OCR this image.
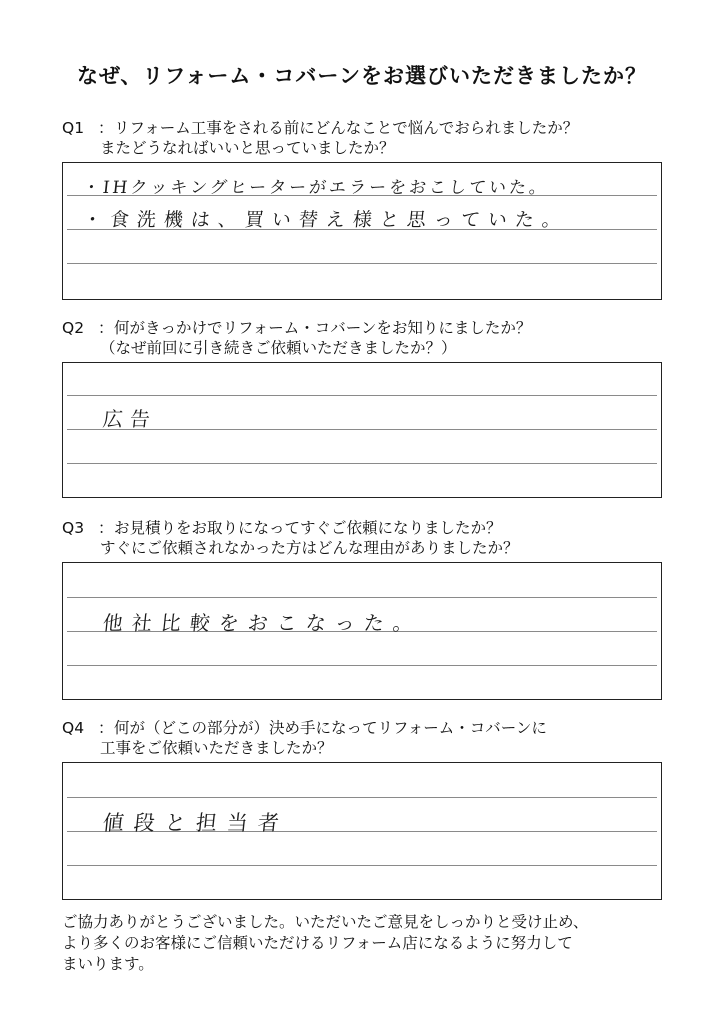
なぜ、リフォーム・コバーンをお選びいただきましたか？
Q1 ：リフォーム工事をされる前にどんなことで悩んでおられましたか？
またどうなればいいと思っていましたか？
・IHクッキングヒーターがエラーをおこしていた。
・食洗機は、買い替え様と思っていた。
Q2 ：何がきっかけでリフォーム・コバーンをお知りにましたか？
（なぜ前回に引き続きご依頼いただきましたか？）
広告
Q3 ：お見積りをお取りになってすぐご依頼になりましたか？
すぐにご依頼されなかった方はどんな理由がありましたか？
他社比較をおこなった。
Q4 ：何が（どこの部分が）決め手になってリフォーム・コバーンに
工事をご依頼いただきましたか？
値段と担当者
ご協力ありがとうございました。いただいたご意見をしっかりと受け止め、
より多くのお客様にご信頼いただけるリフォーム店になるように努力して
まいります。
